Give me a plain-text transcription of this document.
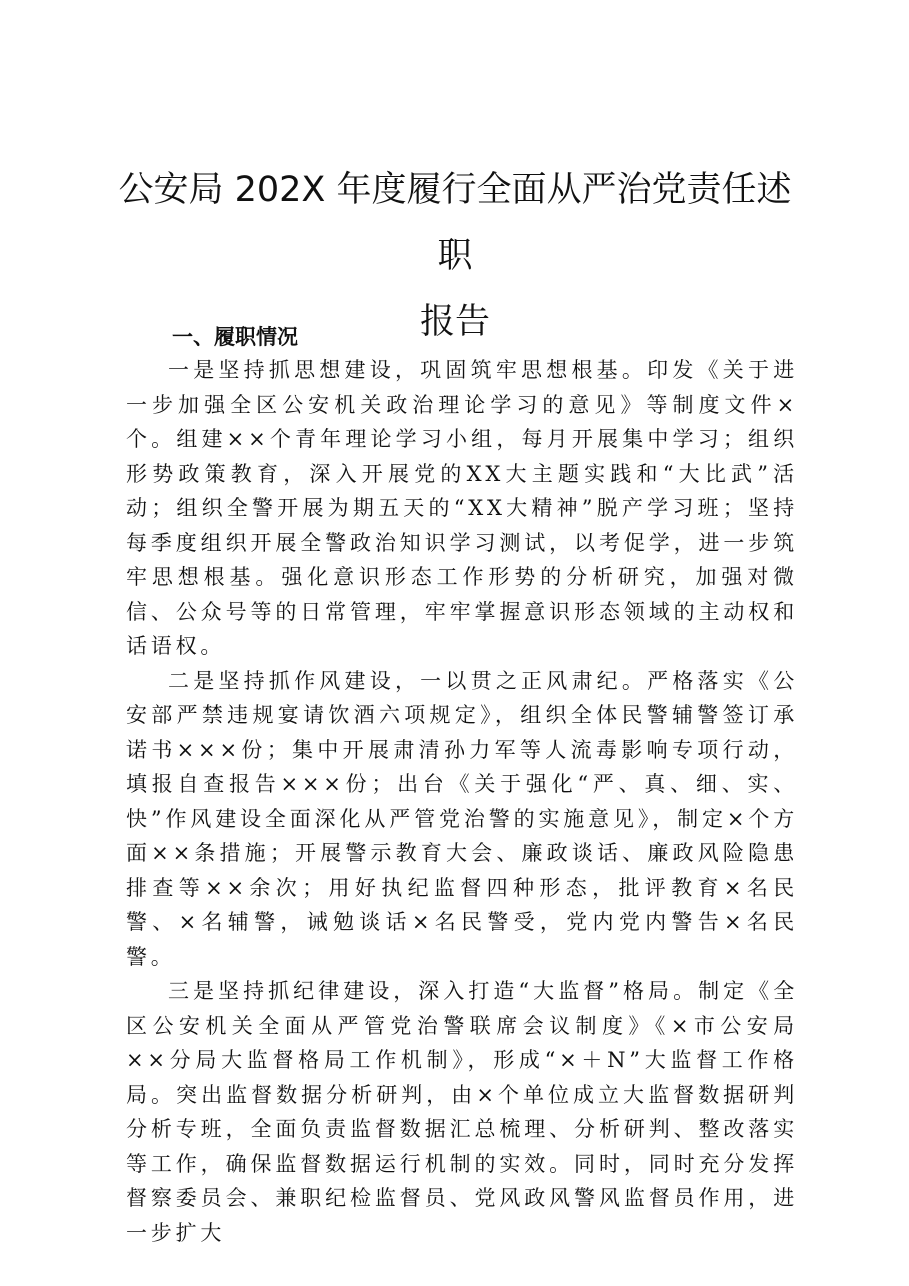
公安局 202X 年度履行全面从严治党责任述职
报告
一、履职情况

一是坚持抓思想建设，巩固筑牢思想根基。印发《关于进一步加强全区公安机关政治理论学习的意见》等制度文件×个。组建××个青年理论学习小组，每月开展集中学习；组织形势政策教育，深入开展党的XX大主题实践和“大比武”活动；组织全警开展为期五天的“XX大精神”脱产学习班；坚持每季度组织开展全警政治知识学习测试，以考促学，进一步筑牢思想根基。强化意识形态工作形势的分析研究，加强对微信、公众号等的日常管理，牢牢掌握意识形态领域的主动权和话语权。

二是坚持抓作风建设，一以贯之正风肃纪。严格落实《公安部严禁违规宴请饮酒六项规定》，组织全体民警辅警签订承诺书×××份；集中开展肃清孙力军等人流毒影响专项行动，填报自查报告×××份；出台《关于强化“严、真、细、实、快”作风建设全面深化从严管党治警的实施意见》，制定×个方面××条措施；开展警示教育大会、廉政谈话、廉政风险隐患排查等××余次；用好执纪监督四种形态，批评教育×名民警、×名辅警，诫勉谈话×名民警受，党内党内警告×名民警。

三是坚持抓纪律建设，深入打造“大监督”格局。制定《全区公安机关全面从严管党治警联席会议制度》《×市公安局××分局大监督格局工作机制》，形成“×＋N”大监督工作格局。突出监督数据分析研判，由×个单位成立大监督数据研判分析专班，全面负责监督数据汇总梳理、分析研判、整改落实等工作，确保监督数据运行机制的实效。同时，同时充分发挥督察委员会、兼职纪检监督员、党风政风警风监督员作用，进一步扩大
